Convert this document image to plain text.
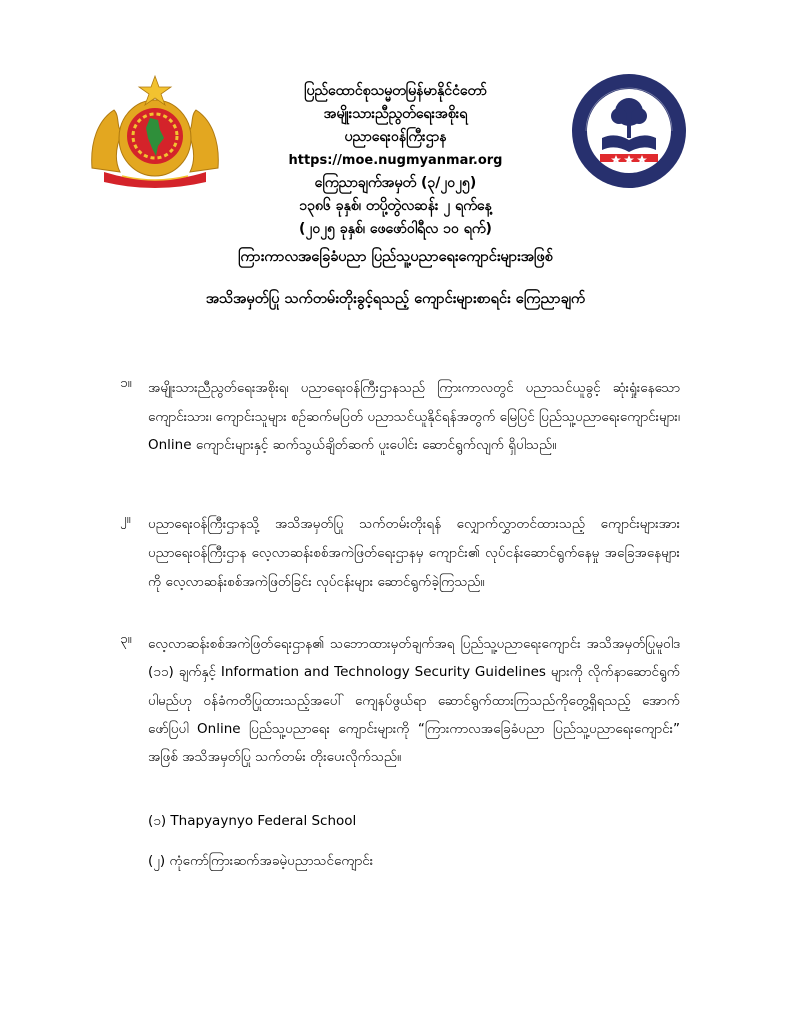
ပြည်ထောင်စုသမ္မတမြန်မာနိုင်ငံတော်
အမျိုးသားညီညွတ်ရေးအစိုးရ
ပညာရေးဝန်ကြီးဌာန
https://moe.nugmyanmar.org
ကြေညာချက်အမှတ် (၃/၂၀၂၅)
၁၃၈၆ ခုနှစ်၊ တပို့တွဲလဆန်း ၂ ရက်နေ့
(၂၀၂၅ ခုနှစ်၊ ဖေဖော်ဝါရီလ ၁၀ ရက်)
ကြားကာလအခြေခံပညာ ပြည်သူ့ပညာရေးကျောင်းများအဖြစ်
အသိအမှတ်ပြု သက်တမ်းတိုးခွင့်ရသည့် ကျောင်းများစာရင်း ကြေညာချက်
၁။ အမျိုးသားညီညွတ်ရေးအစိုးရ၊ ပညာရေးဝန်ကြီးဌာနသည် ကြားကာလတွင် ပညာသင်ယူခွင့် ဆုံးရှုံးနေသော ကျောင်းသား၊ ကျောင်းသူများ စဉ်ဆက်မပြတ် ပညာသင်ယူနိုင်ရန်အတွက် မြေပြင် ပြည်သူ့ပညာရေးကျောင်းများ၊ Online ကျောင်းများနှင့် ဆက်သွယ်ချိတ်ဆက် ပူးပေါင်း ဆောင်ရွက်လျက် ရှိပါသည်။
၂။ ပညာရေးဝန်ကြီးဌာနသို့ အသိအမှတ်ပြု သက်တမ်းတိုးရန် လျှောက်လွှာတင်ထားသည့် ကျောင်းများအား ပညာရေးဝန်ကြီးဌာန လေ့လာဆန်းစစ်အကဲဖြတ်ရေးဌာနမှ ကျောင်း၏ လုပ်ငန်းဆောင်ရွက်နေမှု အခြေအနေများကို လေ့လာဆန်းစစ်အကဲဖြတ်ခြင်း လုပ်ငန်းများ ဆောင်ရွက်ခဲ့ကြသည်။
၃။ လေ့လာဆန်းစစ်အကဲဖြတ်ရေးဌာန၏ သဘောထားမှတ်ချက်အရ ပြည်သူ့ပညာရေးကျောင်း အသိအမှတ်ပြုမူဝါဒ (၁၁) ချက်နှင့် Information and Technology Security Guidelines များကို လိုက်နာဆောင်ရွက်ပါမည်ဟု ဝန်ခံကတိပြုထားသည့်အပေါ် ကျေနပ်ဖွယ်ရာ ဆောင်ရွက်ထားကြသည်ကိုတွေ့ရှိရသည့် အောက်ဖော်ပြပါ Online ပြည်သူ့ပညာရေး ကျောင်းများကို “ကြားကာလအခြေခံပညာ ပြည်သူ့ပညာရေးကျောင်း” အဖြစ် အသိအမှတ်ပြု သက်တမ်း တိုးပေးလိုက်သည်။
(၁) Thapyaynyo Federal School
(၂) ကုံကော်ကြားဆက်အခမဲ့ပညာသင်ကျောင်း
